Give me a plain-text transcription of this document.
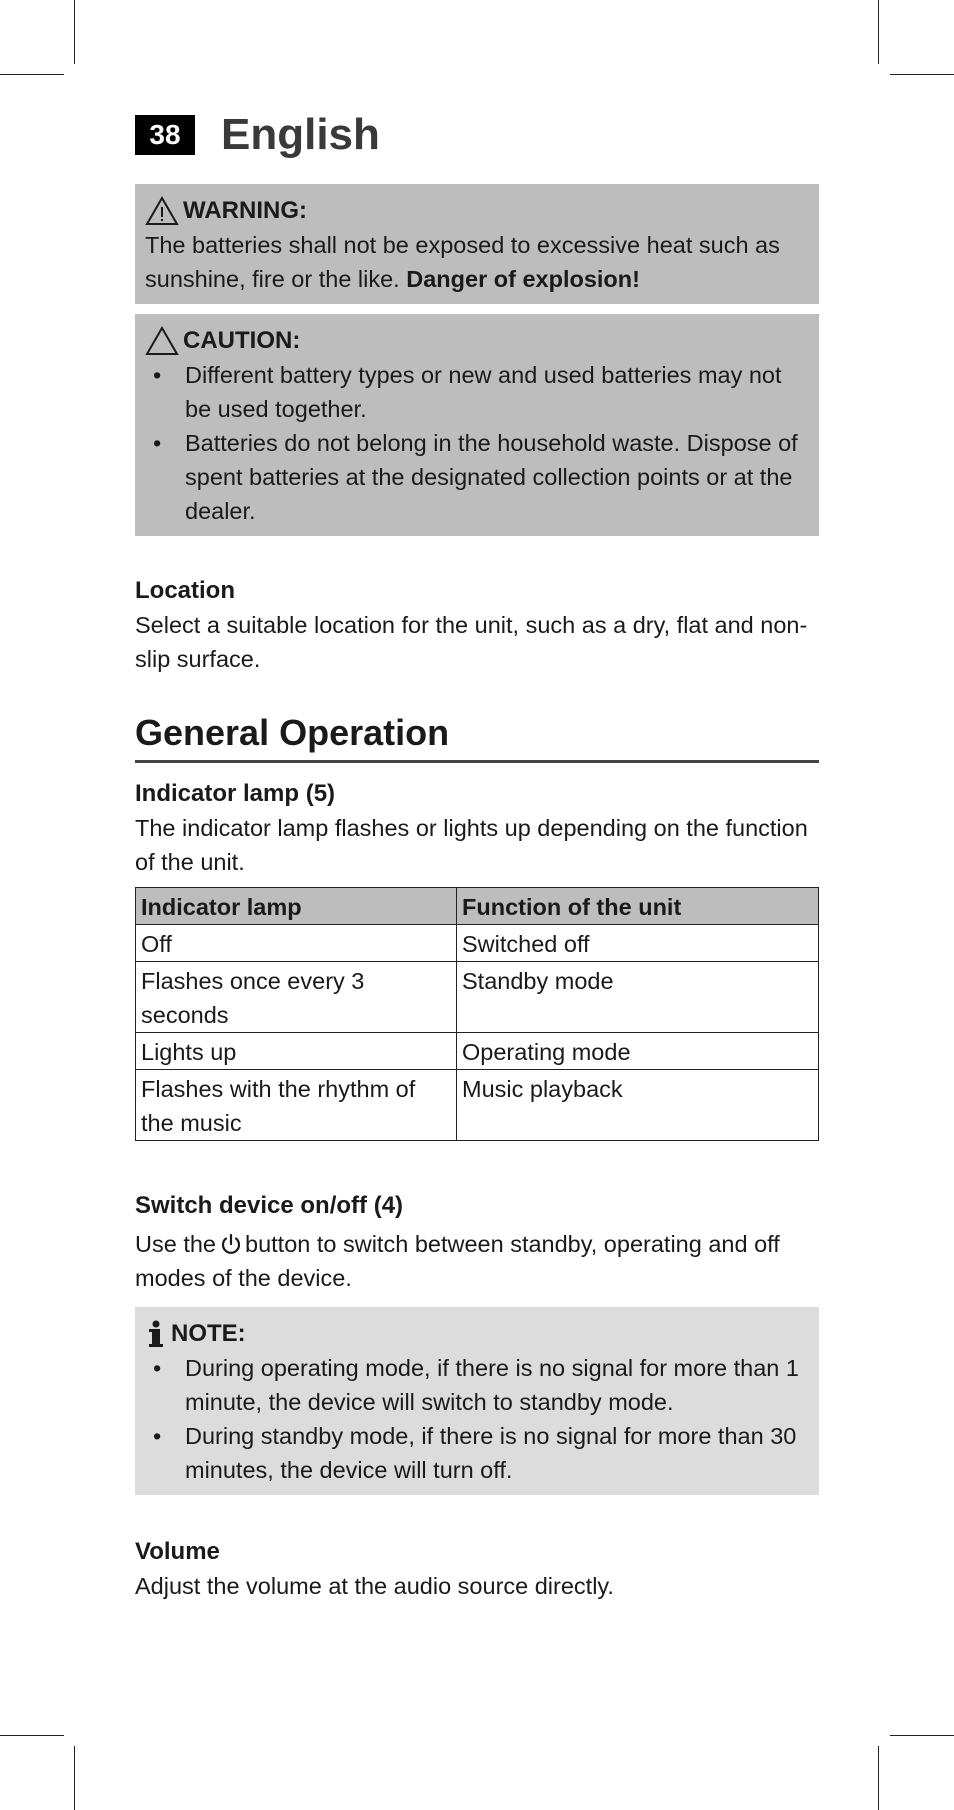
38 English
WARNING:
The batteries shall not be exposed to excessive heat such as sunshine, fire or the like. Danger of explosion!
CAUTION:
• Different battery types or new and used batteries may not be used together.
• Batteries do not belong in the household waste. Dispose of spent batteries at the designated collection points or at the dealer.
Location
Select a suitable location for the unit, such as a dry, flat and non-slip surface.
General Operation
Indicator lamp (5)
The indicator lamp flashes or lights up depending on the function of the unit.
Indicator lamp	Function of the unit
Off	Switched off
Flashes once every 3 seconds	Standby mode
Lights up	Operating mode
Flashes with the rhythm of the music	Music playback
Switch device on/off (4)
Use the button to switch between standby, operating and off modes of the device.
NOTE:
• During operating mode, if there is no signal for more than 1 minute, the device will switch to standby mode.
• During standby mode, if there is no signal for more than 30 minutes, the device will turn off.
Volume
Adjust the volume at the audio source directly.
